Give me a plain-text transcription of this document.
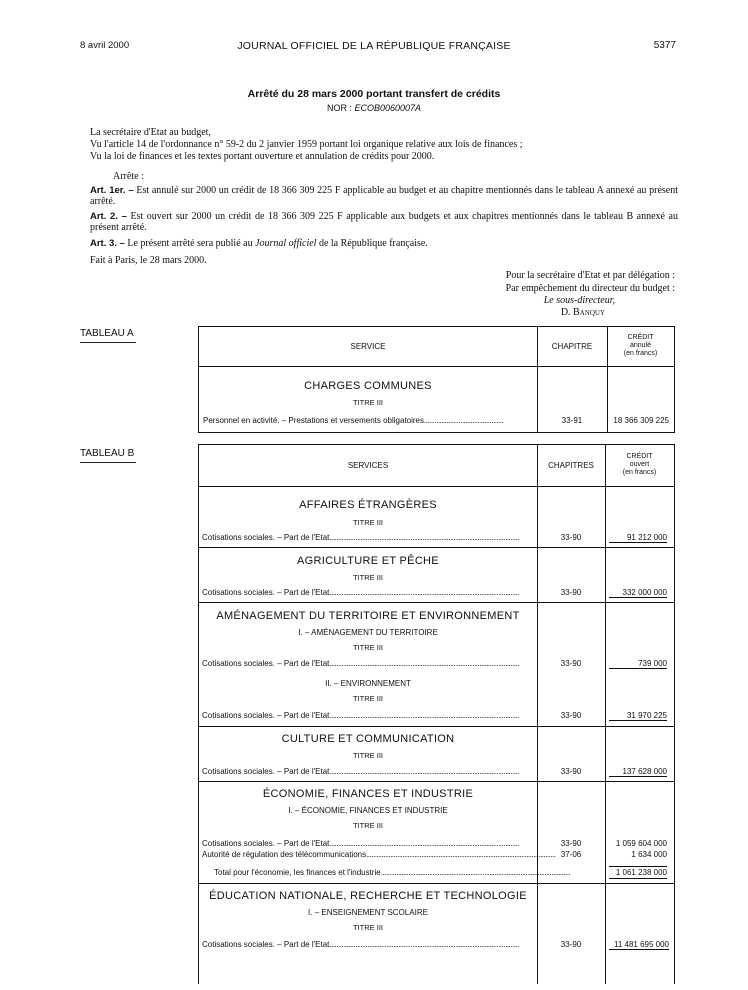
8 avril 2000	JOURNAL OFFICIEL DE LA RÉPUBLIQUE FRANÇAISE	5377
Arrêté du 28 mars 2000 portant transfert de crédits
NOR : ECOB0060007A
La secrétaire d'Etat au budget,
Vu l'article 14 de l'ordonnance n° 59-2 du 2 janvier 1959 portant loi organique relative aux lois de finances ;
Vu la loi de finances et les textes portant ouverture et annulation de crédits pour 2000.
Arrête :
Art. 1er. – Est annulé sur 2000 un crédit de 18 366 309 225 F applicable au budget et au chapitre mentionnés dans le tableau A annexé au présent arrêté.
Art. 2. – Est ouvert sur 2000 un crédit de 18 366 309 225 F applicable aux budgets et aux chapitres mentionnés dans le tableau B annexé au présent arrêté.
Art. 3. – Le présent arrêté sera publié au Journal officiel de la République française.
Fait à Paris, le 28 mars 2000.
Pour la secrétaire d'Etat et par délégation :
Par empêchement du directeur du budget :
Le sous-directeur,
D. Banquy
TABLEAU A
SERVICE	CHAPITRE
CRÉDIT
annulé
(en francs)
CHARGES COMMUNES
TITRE III
Personnel en activité. – Prestations et versements obligatoires..............................................	33-91	18 366 309 225
TABLEAU B
SERVICES	CHAPITRES
CRÉDIT
ouvert
(en francs)
AFFAIRES ÉTRANGÈRES
TITRE III
Cotisations sociales. – Part de l'Etat..............................................................................................................	33-90	91 212 000
AGRICULTURE ET PÊCHE
TITRE III
Cotisations sociales. – Part de l'Etat..............................................................................................................	33-90	332 000 000
AMÉNAGEMENT DU TERRITOIRE ET ENVIRONNEMENT
I. – AMÉNAGEMENT DU TERRITOIRE
TITRE III
Cotisations sociales. – Part de l'Etat..............................................................................................................	33-90	739 000
II. – ENVIRONNEMENT
TITRE III
Cotisations sociales. – Part de l'Etat..............................................................................................................	33-90	31 970 225
CULTURE ET COMMUNICATION
TITRE III
Cotisations sociales. – Part de l'Etat..............................................................................................................	33-90	137 628 000
ÉCONOMIE, FINANCES ET INDUSTRIE
I. – ÉCONOMIE, FINANCES ET INDUSTRIE
TITRE III
Cotisations sociales. – Part de l'Etat..............................................................................................................	33-90	1 059 604 000
Autorité de régulation des télécommunications.............................................................................................................. 37-06	1 634 000
Total pour l'économie, les finances et l'industrie..............................................................................................................	1 061 238 000
ÉDUCATION NATIONALE, RECHERCHE ET TECHNOLOGIE
I. – ENSEIGNEMENT SCOLAIRE
TITRE III
Cotisations sociales. – Part de l'Etat..............................................................................................................	33-90	11 481 695 000
